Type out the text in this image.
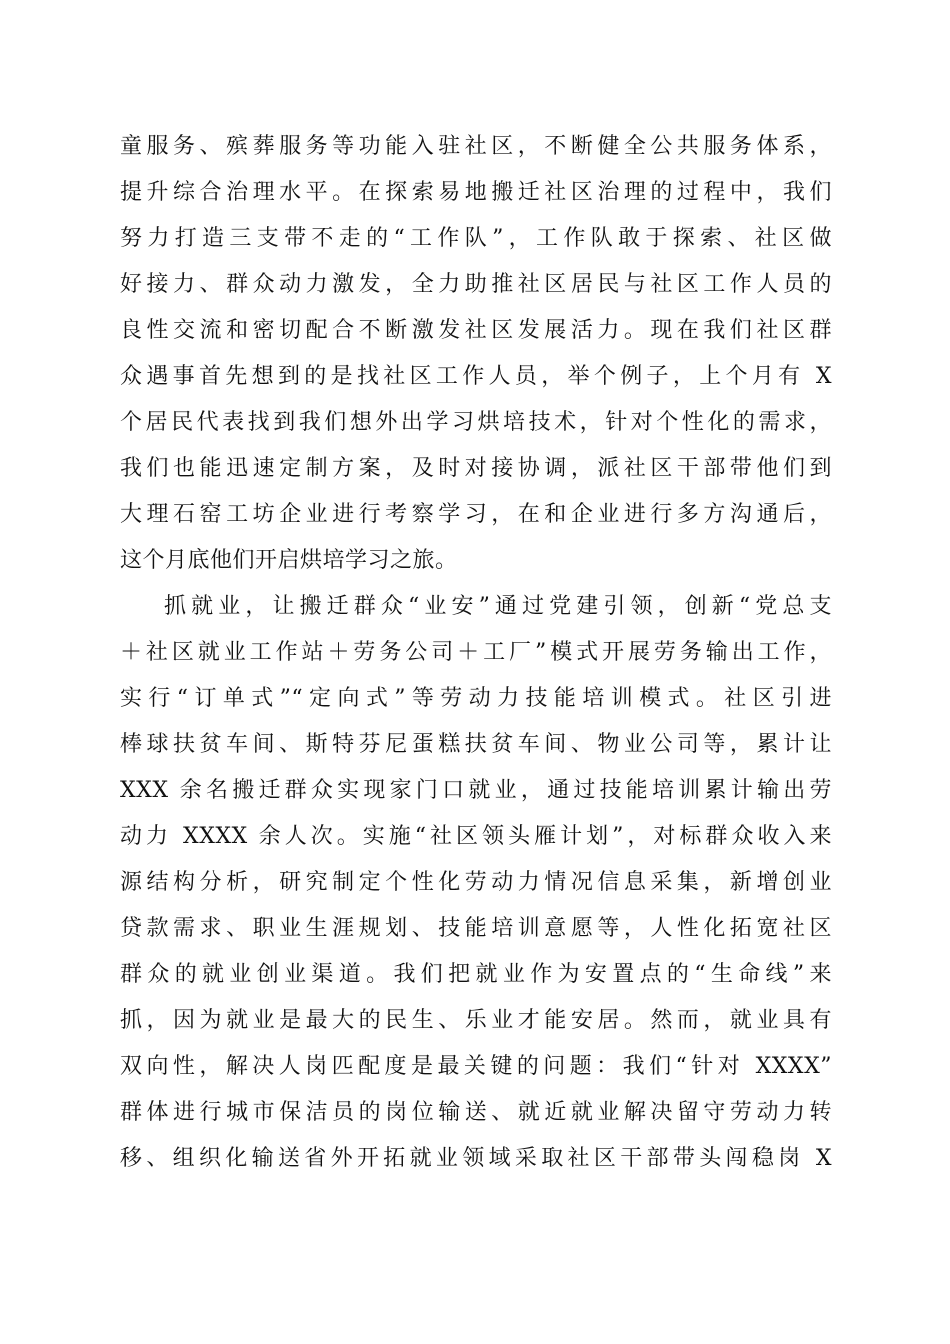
童服务、殡葬服务等功能入驻社区，不断健全公共服务体系，
提升综合治理水平。在探索易地搬迁社区治理的过程中，我们
努力打造三支带不走的“工作队”，工作队敢于探索、社区做
好接力、群众动力激发，全力助推社区居民与社区工作人员的
良性交流和密切配合不断激发社区发展活力。现在我们社区群
众遇事首先想到的是找社区工作人员，举个例子，上个月有 X
个居民代表找到我们想外出学习烘培技术，针对个性化的需求，
我们也能迅速定制方案，及时对接协调，派社区干部带他们到
大理石窑工坊企业进行考察学习，在和企业进行多方沟通后，
这个月底他们开启烘培学习之旅。
抓就业，让搬迁群众“业安”通过党建引领，创新“党总支
＋社区就业工作站＋劳务公司＋工厂”模式开展劳务输出工作，
实行“订单式”“定向式”等劳动力技能培训模式。社区引进
棒球扶贫车间、斯特芬尼蛋糕扶贫车间、物业公司等，累计让
XXX 余名搬迁群众实现家门口就业，通过技能培训累计输出劳
动力 XXXX 余人次。实施“社区领头雁计划”，对标群众收入来
源结构分析，研究制定个性化劳动力情况信息采集，新增创业
贷款需求、职业生涯规划、技能培训意愿等，人性化拓宽社区
群众的就业创业渠道。我们把就业作为安置点的“生命线”来
抓，因为就业是最大的民生、乐业才能安居。然而，就业具有
双向性，解决人岗匹配度是最关键的问题：我们“针对 XXXX”
群体进行城市保洁员的岗位输送、就近就业解决留守劳动力转
移、组织化输送省外开拓就业领域采取社区干部带头闯稳岗 X
